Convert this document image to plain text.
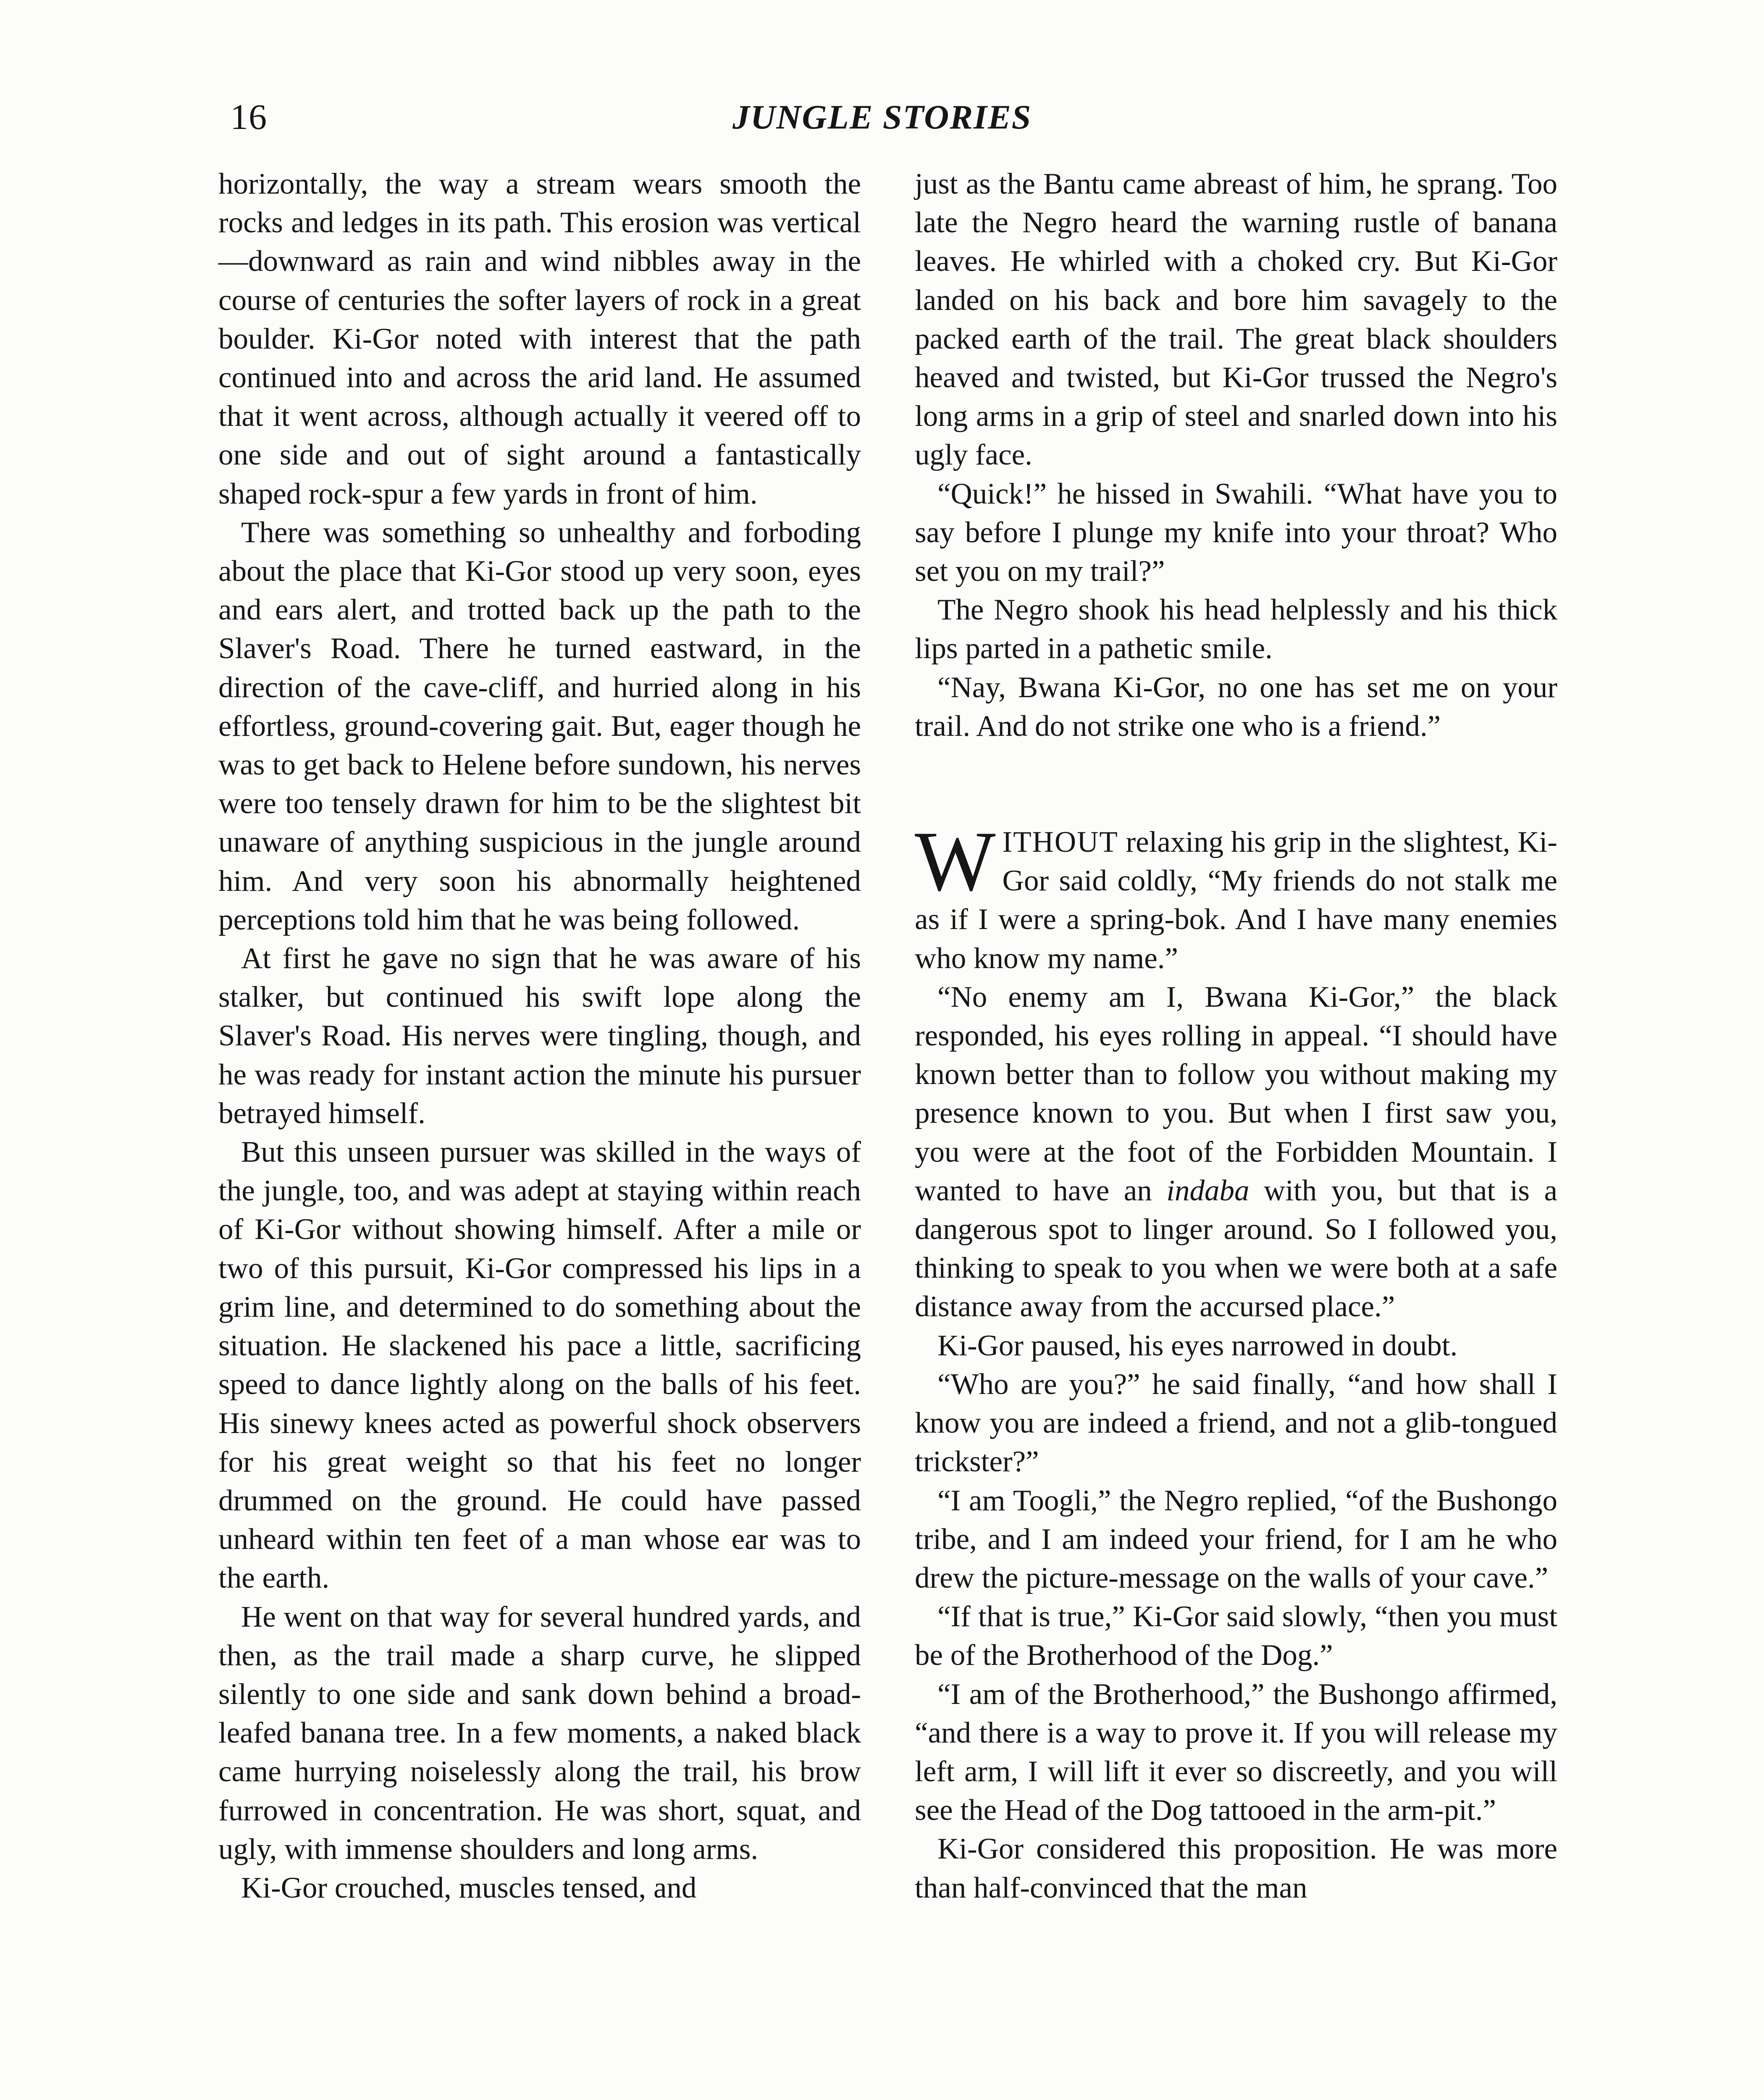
16	JUNGLE STORIES

horizontally, the way a stream wears smooth the rocks and ledges in its path. This erosion was vertical—downward as rain and wind nibbles away in the course of centuries the softer layers of rock in a great boulder. Ki-Gor noted with interest that the path continued into and across the arid land. He assumed that it went across, although actually it veered off to one side and out of sight around a fantastically shaped rock-spur a few yards in front of him.

There was something so unhealthy and forboding about the place that Ki-Gor stood up very soon, eyes and ears alert, and trotted back up the path to the Slaver's Road. There he turned eastward, in the direction of the cave-cliff, and hurried along in his effortless, ground-covering gait. But, eager though he was to get back to Helene before sundown, his nerves were too tensely drawn for him to be the slightest bit unaware of anything suspicious in the jungle around him. And very soon his abnormally heightened perceptions told him that he was being followed.

At first he gave no sign that he was aware of his stalker, but continued his swift lope along the Slaver's Road. His nerves were tingling, though, and he was ready for instant action the minute his pursuer betrayed himself.

But this unseen pursuer was skilled in the ways of the jungle, too, and was adept at staying within reach of Ki-Gor without showing himself. After a mile or two of this pursuit, Ki-Gor compressed his lips in a grim line, and determined to do something about the situation. He slackened his pace a little, sacrificing speed to dance lightly along on the balls of his feet. His sinewy knees acted as powerful shock observers for his great weight so that his feet no longer drummed on the ground. He could have passed unheard within ten feet of a man whose ear was to the earth.

He went on that way for several hundred yards, and then, as the trail made a sharp curve, he slipped silently to one side and sank down behind a broad-leafed banana tree. In a few moments, a naked black came hurrying noiselessly along the trail, his brow furrowed in concentration. He was short, squat, and ugly, with immense shoulders and long arms.

Ki-Gor crouched, muscles tensed, and

just as the Bantu came abreast of him, he sprang. Too late the Negro heard the warning rustle of banana leaves. He whirled with a choked cry. But Ki-Gor landed on his back and bore him savagely to the packed earth of the trail. The great black shoulders heaved and twisted, but Ki-Gor trussed the Negro's long arms in a grip of steel and snarled down into his ugly face.

“Quick!” he hissed in Swahili. “What have you to say before I plunge my knife into your throat? Who set you on my trail?”

The Negro shook his head helplessly and his thick lips parted in a pathetic smile.

“Nay, Bwana Ki-Gor, no one has set me on your trail. And do not strike one who is a friend.”

WITHOUT relaxing his grip in the slightest, Ki-Gor said coldly, “My friends do not stalk me as if I were a spring-bok. And I have many enemies who know my name.”

“No enemy am I, Bwana Ki-Gor,” the black responded, his eyes rolling in appeal. “I should have known better than to follow you without making my presence known to you. But when I first saw you, you were at the foot of the Forbidden Mountain. I wanted to have an indaba with you, but that is a dangerous spot to linger around. So I followed you, thinking to speak to you when we were both at a safe distance away from the accursed place.”

Ki-Gor paused, his eyes narrowed in doubt.

“Who are you?” he said finally, “and how shall I know you are indeed a friend, and not a glib-tongued trickster?”

“I am Toogli,” the Negro replied, “of the Bushongo tribe, and I am indeed your friend, for I am he who drew the picture-message on the walls of your cave.”

“If that is true,” Ki-Gor said slowly, “then you must be of the Brotherhood of the Dog.”

“I am of the Brotherhood,” the Bushongo affirmed, “and there is a way to prove it. If you will release my left arm, I will lift it ever so discreetly, and you will see the Head of the Dog tattooed in the arm-pit.”

Ki-Gor considered this proposition. He was more than half-convinced that the man
